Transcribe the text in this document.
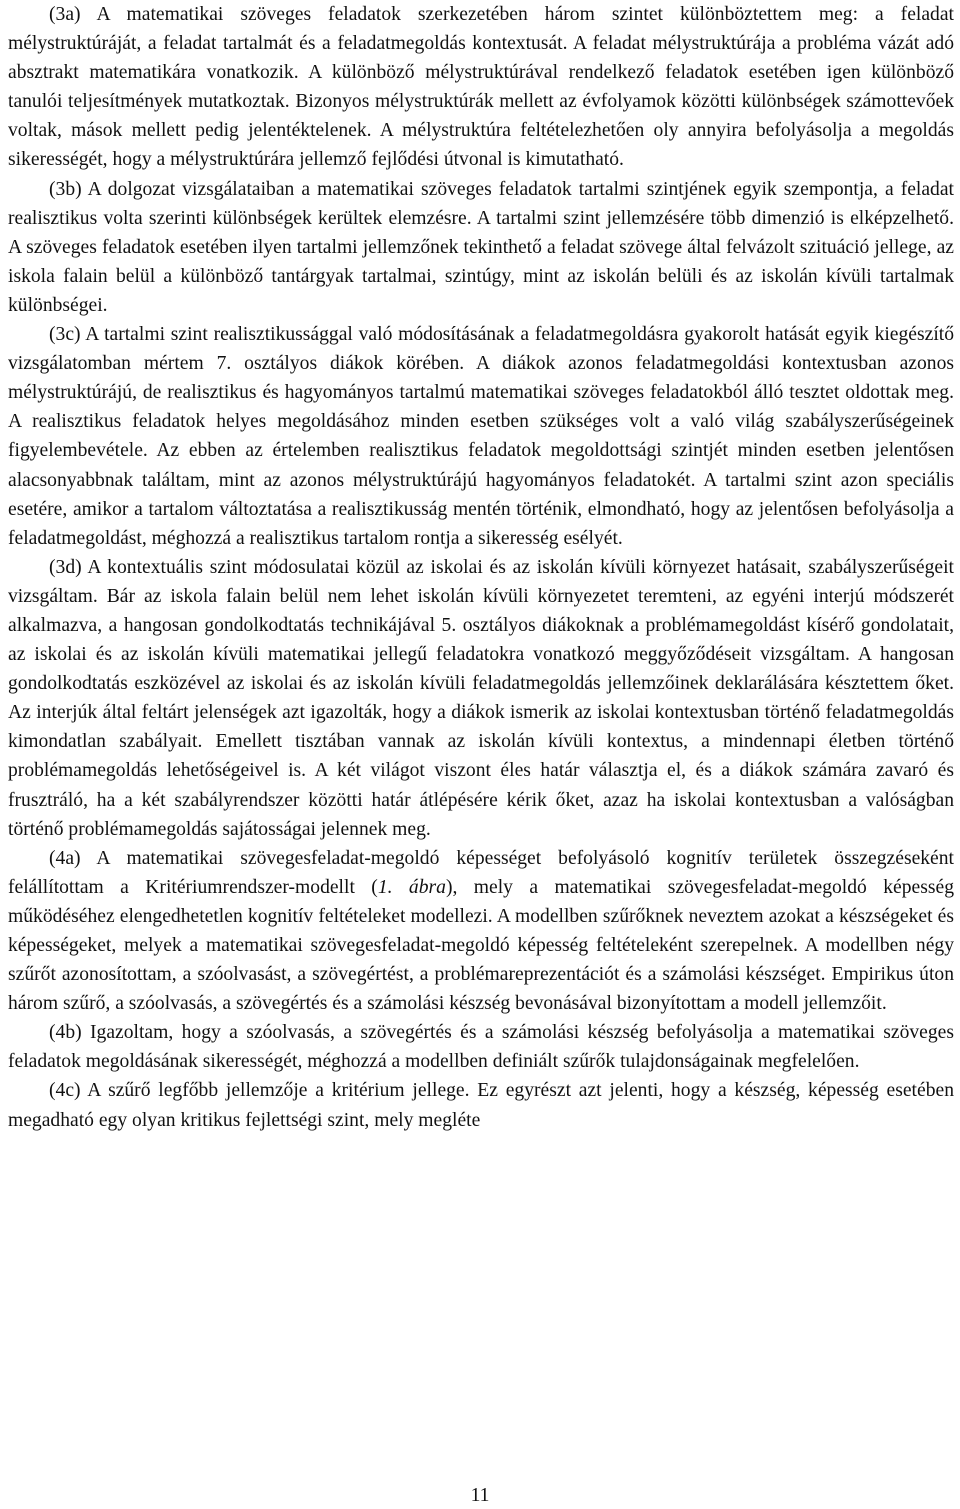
(3a) A matematikai szöveges feladatok szerkezetében három szintet különböztettem meg: a feladat mélystruktúráját, a feladat tartalmát és a feladatmegoldás kontextusát. A feladat mélystruktúrája a probléma vázát adó absztrakt matematikára vonatkozik. A különböző mélystruktúrával rendelkező feladatok esetében igen különböző tanulói teljesítmények mutatkoztak. Bizonyos mélystruktúrák mellett az évfolyamok közötti különbségek számottevőek voltak, mások mellett pedig jelentéktelenek. A mélystruktúra feltételezhetően oly annyira befolyásolja a megoldás sikerességét, hogy a mélystruktúrára jellemző fejlődési útvonal is kimutatható.

(3b) A dolgozat vizsgálataiban a matematikai szöveges feladatok tartalmi szintjének egyik szempontja, a feladat realisztikus volta szerinti különbségek kerültek elemzésre. A tartalmi szint jellemzésére több dimenzió is elképzelhető. A szöveges feladatok esetében ilyen tartalmi jellemzőnek tekinthető a feladat szövege által felvázolt szituáció jellege, az iskola falain belül a különböző tantárgyak tartalmai, szintúgy, mint az iskolán belüli és az iskolán kívüli tartalmak különbségei.

(3c) A tartalmi szint realisztikussággal való módosításának a feladatmegoldásra gyakorolt hatását egyik kiegészítő vizsgálatomban mértem 7. osztályos diákok körében. A diákok azonos feladatmegoldási kontextusban azonos mélystruktúrájú, de realisztikus és hagyományos tartalmú matematikai szöveges feladatokból álló tesztet oldottak meg. A realisztikus feladatok helyes megoldásához minden esetben szükséges volt a való világ szabályszerűségeinek figyelembevétele. Az ebben az értelemben realisztikus feladatok megoldottsági szintjét minden esetben jelentősen alacsonyabbnak találtam, mint az azonos mélystruktúrájú hagyományos feladatokét. A tartalmi szint azon speciális esetére, amikor a tartalom változtatása a realisztikusság mentén történik, elmondható, hogy az jelentősen befolyásolja a feladatmegoldást, méghozzá a realisztikus tartalom rontja a sikeresség esélyét.

(3d) A kontextuális szint módosulatai közül az iskolai és az iskolán kívüli környezet hatásait, szabályszerűségeit vizsgáltam. Bár az iskola falain belül nem lehet iskolán kívüli környezetet teremteni, az egyéni interjú módszerét alkalmazva, a hangosan gondolkodtatás technikájával 5. osztályos diákoknak a problémamegoldást kísérő gondolatait, az iskolai és az iskolán kívüli matematikai jellegű feladatokra vonatkozó meggyőződéseit vizsgáltam. A hangosan gondolkodtatás eszközével az iskolai és az iskolán kívüli feladatmegoldás jellemzőinek deklarálására késztettem őket. Az interjúk által feltárt jelenségek azt igazolták, hogy a diákok ismerik az iskolai kontextusban történő feladatmegoldás kimondatlan szabályait. Emellett tisztában vannak az iskolán kívüli kontextus, a mindennapi életben történő problémamegoldás lehetőségeivel is. A két világot viszont éles határ választja el, és a diákok számára zavaró és frusztráló, ha a két szabályrendszer közötti határ átlépésére kérik őket, azaz ha iskolai kontextusban a valóságban történő problémamegoldás sajátosságai jelennek meg.

(4a) A matematikai szövegesfeladat-megoldó képességet befolyásoló kognitív területek összegzéseként felállítottam a Kritériumrendszer-modellt (1. ábra), mely a matematikai szövegesfeladat-megoldó képesség működéséhez elengedhetetlen kognitív feltételeket modellezi. A modellben szűrőknek neveztem azokat a készségeket és képességeket, melyek a matematikai szövegesfeladat-megoldó képesség feltételeként szerepelnek. A modellben négy szűrőt azonosítottam, a szóolvasást, a szövegértést, a problémareprezentációt és a számolási készséget. Empirikus úton három szűrő, a szóolvasás, a szövegértés és a számolási készség bevonásával bizonyítottam a modell jellemzőit.

(4b) Igazoltam, hogy a szóolvasás, a szövegértés és a számolási készség befolyásolja a matematikai szöveges feladatok megoldásának sikerességét, méghozzá a modellben definiált szűrők tulajdonságainak megfelelően.

(4c) A szűrő legfőbb jellemzője a kritérium jellege. Ez egyrészt azt jelenti, hogy a készség, képesség esetében megadható egy olyan kritikus fejlettségi szint, mely megléte

11
